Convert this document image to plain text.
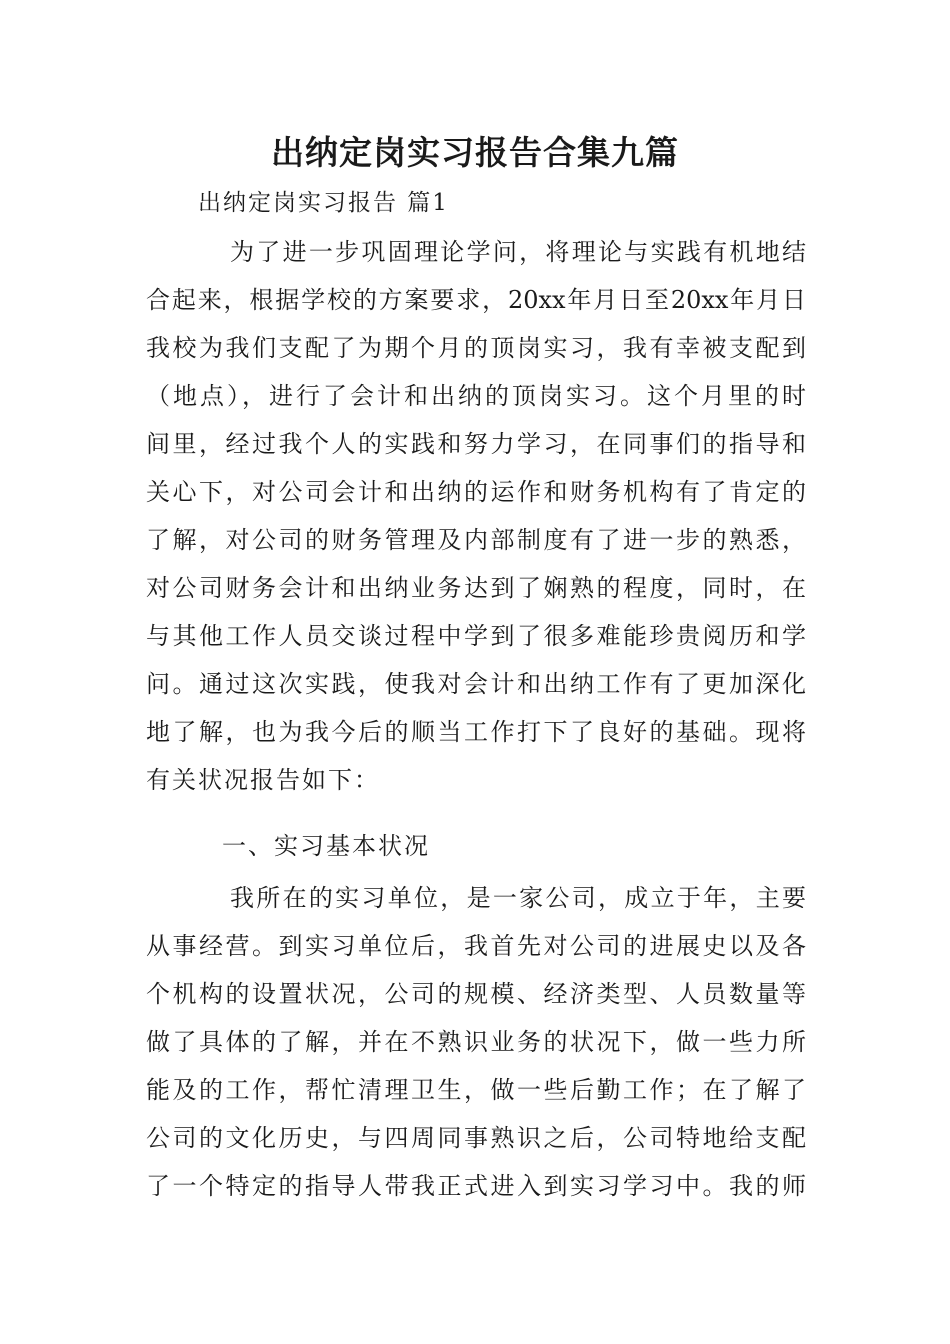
出纳定岗实习报告合集九篇

出纳定岗实习报告 篇1

为了进一步巩固理论学问，将理论与实践有机地结

合起来，根据学校的方案要求，20xx年月日至20xx年月日

我校为我们支配了为期个月的顶岗实习，我有幸被支配到

（地点），进行了会计和出纳的顶岗实习。这个月里的时

间里，经过我个人的实践和努力学习，在同事们的指导和

关心下，对公司会计和出纳的运作和财务机构有了肯定的

了解，对公司的财务管理及内部制度有了进一步的熟悉，

对公司财务会计和出纳业务达到了娴熟的程度，同时，在

与其他工作人员交谈过程中学到了很多难能珍贵阅历和学

问。通过这次实践，使我对会计和出纳工作有了更加深化

地了解，也为我今后的顺当工作打下了良好的基础。现将

有关状况报告如下：

一、实习基本状况

我所在的实习单位，是一家公司，成立于年，主要

从事经营。到实习单位后，我首先对公司的进展史以及各

个机构的设置状况，公司的规模、经济类型、人员数量等

做了具体的了解，并在不熟识业务的状况下，做一些力所

能及的工作，帮忙清理卫生，做一些后勤工作；在了解了

公司的文化历史，与四周同事熟识之后，公司特地给支配

了一个特定的指导人带我正式进入到实习学习中。我的师
